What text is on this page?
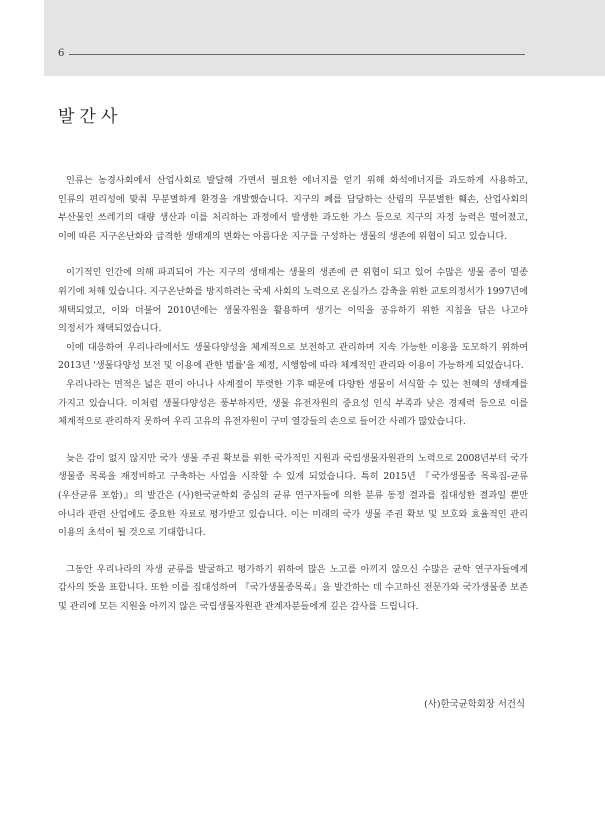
6
발간사

인류는 농경사회에서 산업사회로 발달해 가면서 필요한 에너지를 얻기 위해 화석에너지를 과도하게 사용하고, 인류의 편리성에 맞춰 무분별하게 환경을 개발했습니다. 지구의 폐를 담당하는 산림의 무분별한 훼손, 산업사회의 부산물인 쓰레기의 대량 생산과 이를 처리하는 과정에서 발생한 과도한 가스 등으로 지구의 자정 능력은 떨어졌고, 이에 따른 지구온난화와 급격한 생태계의 변화는 아름다운 지구를 구성하는 생물의 생존에 위협이 되고 있습니다.

이기적인 인간에 의해 파괴되어 가는 지구의 생태계는 생물의 생존에 큰 위협이 되고 있어 수많은 생물 종이 멸종 위기에 처해 있습니다. 지구온난화를 방지하려는 국제 사회의 노력으로 온실가스 감축을 위한 교토의정서가 1997년에 채택되었고, 이와 더불어 2010년에는 생물자원을 활용하며 생기는 이익을 공유하기 위한 지침을 담은 나고야 의정서가 채택되었습니다.

이에 대응하여 우리나라에서도 생물다양성을 체계적으로 보전하고 관리하며 지속 가능한 이용을 도모하기 위하여 2013년 '생물다양성 보전 및 이용에 관한 법률'을 제정, 시행함에 따라 체계적인 관리와 이용이 가능하게 되었습니다.

우리나라는 면적은 넓은 편이 아니나 사계절이 뚜렷한 기후 때문에 다양한 생물이 서식할 수 있는 천혜의 생태계를 가지고 있습니다. 이처럼 생물다양성은 풍부하지만, 생물 유전자원의 중요성 인식 부족과 낮은 경제력 등으로 이를 체계적으로 관리하지 못하여 우리 고유의 유전자원이 구미 열강들의 손으로 들어간 사례가 많았습니다.

늦은 감이 없지 않지만 국가 생물 주권 확보를 위한 국가적인 지원과 국립생물자원관의 노력으로 2008년부터 국가 생물종 목록을 재정비하고 구축하는 사업을 시작할 수 있게 되었습니다. 특히 2015년 『국가생물종 목록집-균류(우산균류 포함)』의 발간은 (사)한국균학회 중심의 균류 연구자들에 의한 분류 동정 결과를 집대성한 결과일 뿐만 아니라 관련 산업에도 중요한 자료로 평가받고 있습니다. 이는 미래의 국가 생물 주권 확보 및 보호와 효율적인 관리 이용의 초석이 될 것으로 기대합니다.

그동안 우리나라의 자생 균류를 발굴하고 평가하기 위하여 많은 노고를 아끼지 않으신 수많은 균학 연구자들에게 감사의 뜻을 표합니다. 또한 이를 집대성하여 『국가생물종목록』을 발간하는 데 수고하신 전문가와 국가생물종 보존 및 관리에 모든 지원을 아끼지 않은 국립생물자원관 관계자분들에게 깊은 감사를 드립니다.

(사)한국균학회장 서건식
